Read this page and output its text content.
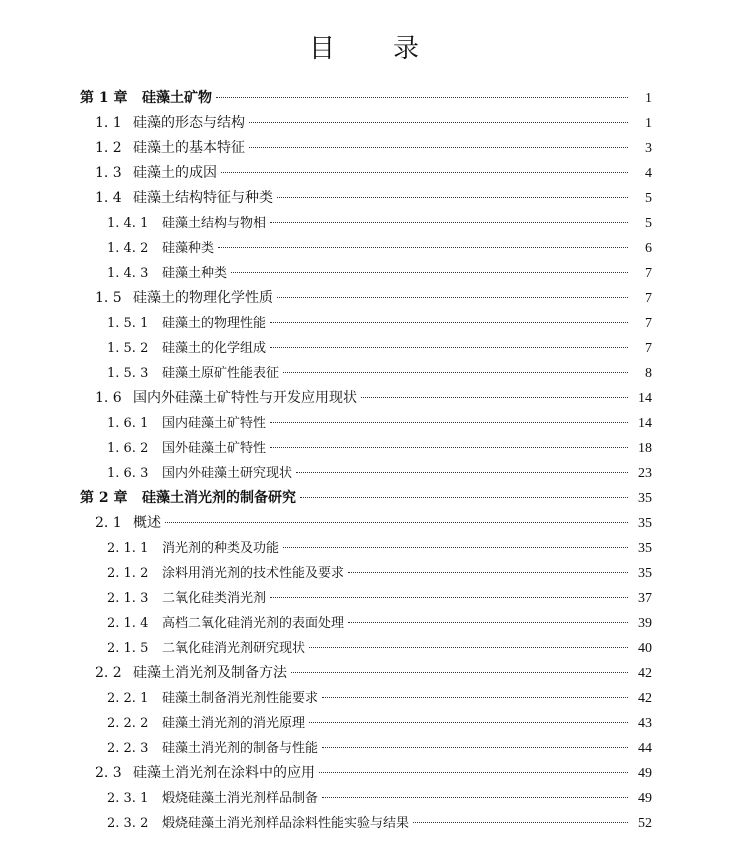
目 录
第 1 章	硅藻土矿物	1
1. 1 硅藻的形态与结构	1
1. 2 硅藻土的基本特征	3
1. 3 硅藻土的成因	4
1. 4 硅藻土结构特征与种类	5
1. 4. 1	硅藻土结构与物相	5
1. 4. 2	硅藻种类	6
1. 4. 3	硅藻土种类	7
1. 5 硅藻土的物理化学性质	7
1. 5. 1	硅藻土的物理性能	7
1. 5. 2	硅藻土的化学组成	7
1. 5. 3	硅藻土原矿性能表征	8
1. 6 国内外硅藻土矿特性与开发应用现状	14
1. 6. 1	国内硅藻土矿特性	14
1. 6. 2	国外硅藻土矿特性	18
1. 6. 3	国内外硅藻土研究现状	23
第 2 章	硅藻土消光剂的制备研究	35
2. 1 概述	35
2. 1. 1	消光剂的种类及功能	35
2. 1. 2	涂料用消光剂的技术性能及要求	35
2. 1. 3	二氧化硅类消光剂	37
2. 1. 4	高档二氧化硅消光剂的表面处理	39
2. 1. 5	二氧化硅消光剂研究现状	40
2. 2 硅藻土消光剂及制备方法	42
2. 2. 1	硅藻土制备消光剂性能要求	42
2. 2. 2	硅藻土消光剂的消光原理	43
2. 2. 3	硅藻土消光剂的制备与性能	44
2. 3 硅藻土消光剂在涂料中的应用	49
2. 3. 1	煅烧硅藻土消光剂样品制备	49
2. 3. 2	煅烧硅藻土消光剂样品涂料性能实验与结果	52
